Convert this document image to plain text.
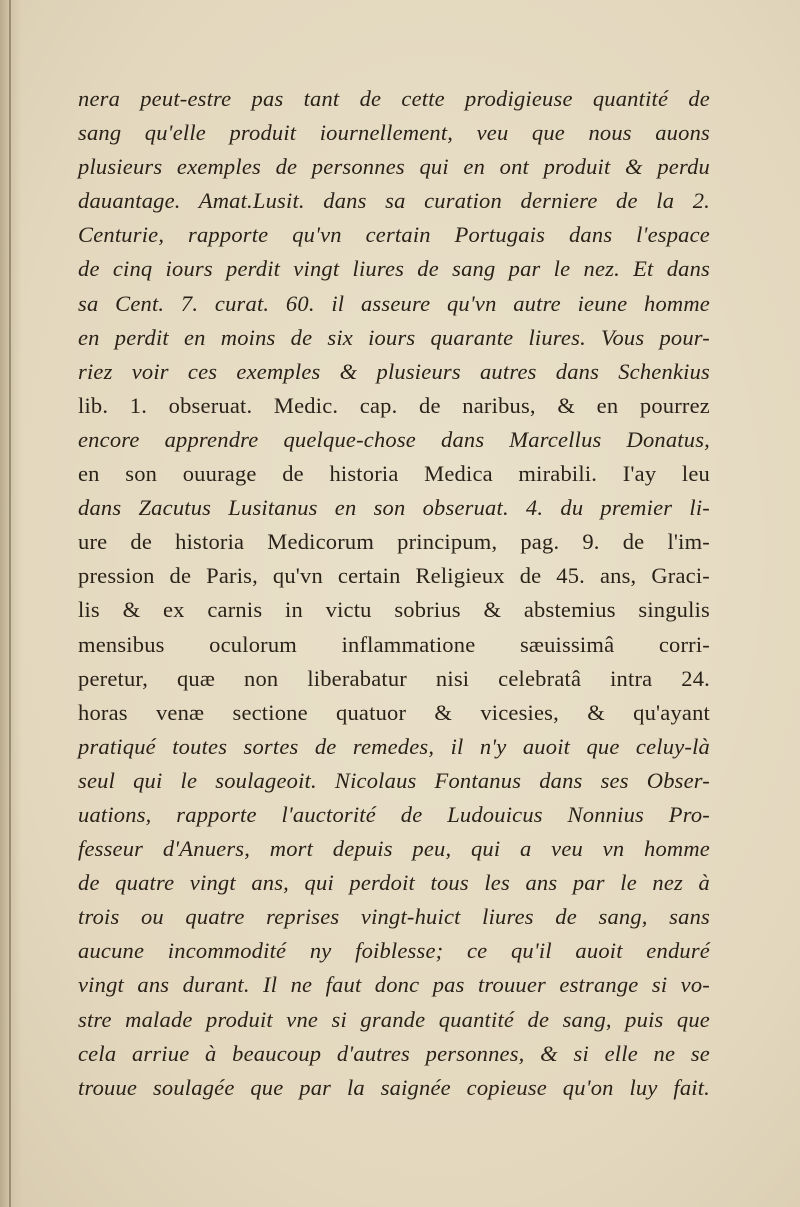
nera peut-estre pas tant de cette prodigieuse quantité de
sang qu'elle produit iournellement, veu que nous auons
plusieurs exemples de personnes qui en ont produit & perdu
dauantage. Amat.Lusit. dans sa curation derniere de la 2.
Centurie, rapporte qu'vn certain Portugais dans l'espace
de cinq iours perdit vingt liures de sang par le nez. Et dans
sa Cent. 7. curat. 60. il asseure qu'vn autre ieune homme
en perdit en moins de six iours quarante liures. Vous pour-
riez voir ces exemples & plusieurs autres dans Schenkius
lib. 1. obseruat. Medic. cap. de naribus, & en pourrez
encore apprendre quelque-chose dans Marcellus Donatus,
en son ouurage de historia Medica mirabili. I'ay leu
dans Zacutus Lusitanus en son obseruat. 4. du premier li-
ure de historia Medicorum principum, pag. 9. de l'im-
pression de Paris, qu'vn certain Religieux de 45. ans, Graci-
lis & ex carnis in victu sobrius & abstemius singulis
mensibus oculorum inflammatione sæuissimâ corri-
peretur, quæ non liberabatur nisi celebratâ intra 24.
horas venæ sectione quatuor & vicesies, & qu'ayant
pratiqué toutes sortes de remedes, il n'y auoit que celuy-là
seul qui le soulageoit. Nicolaus Fontanus dans ses Obser-
uations, rapporte l'auctorité de Ludouicus Nonnius Pro-
fesseur d'Anuers, mort depuis peu, qui a veu vn homme
de quatre vingt ans, qui perdoit tous les ans par le nez à
trois ou quatre reprises vingt-huict liures de sang, sans
aucune incommodité ny foiblesse; ce qu'il auoit enduré
vingt ans durant. Il ne faut donc pas trouuer estrange si vo-
stre malade produit vne si grande quantité de sang, puis que
cela arriue à beaucoup d'autres personnes, & si elle ne se
trouue soulagée que par la saignée copieuse qu'on luy fait.
